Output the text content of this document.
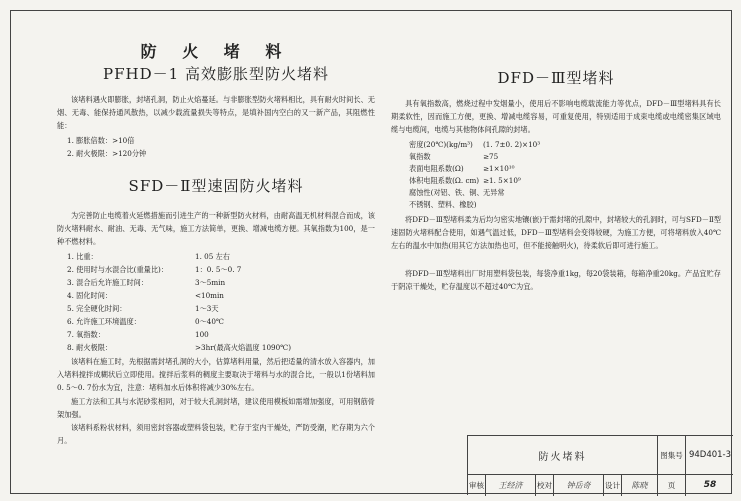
防 火 堵 料
PFHD－1 高效膨胀型防火堵料
该堵料遇火即膨胀，封堵孔洞，防止火焰蔓延。与非膨胀型防火堵料相比，具有耐火时间长、无烟、无毒、能保持通风散热，以减少载流量损失等特点，是填补国内空白的又一新产品，其阻燃性能：
1. 膨胀倍数：>10倍
2. 耐火极限：>120分钟
SFD－Ⅱ型速固防火堵料
为完善防止电缆着火延燃措施而引进生产的一种新型防火材料，由耐高温无机材料混合而成，该防火堵料耐水、耐油、无毒、无气味，施工方法简单，更换、增减电缆方便。其氧指数为100，是一种不燃材料。
1. 比重：	1. 05 左右
2. 使用时与水混合比(重量比)：	1：0. 5～0. 7
3. 混合后允许施工时间：	3～5min
4. 固化时间：	<10min
5. 完全硬化时间：	1～3天
6. 允许施工环境温度：	0～40℃
7. 氧指数：	100
8. 耐火极限：	>3hr(最高火焰温度 1090℃)
该堵料在施工时，先根据需封堵孔洞的大小，估算堵料用量，然后把适量的清水放入容器内，加入堵料搅拌成糊状后立即使用。搅拌后浆料的稠度主要取决于堵料与水的混合比，一般以1份堵料加0. 5～0. 7份水为宜，注意：堵料加水后体积将减少30%左右。
施工方法和工具与水泥砂浆相同，对于较大孔洞封堵，建议使用模板如需增加强度，可用钢筋骨架加强。
该堵料系粉状材料，须用密封容器或塑料袋包装，贮存于室内干燥处，严防受潮，贮存期为六个月。
DFD－Ⅲ型堵料
具有氧指数高，燃烧过程中发烟量小，使用后不影响电缆载流能力等优点，DFD－Ⅲ型堵料具有长期柔软性，因而施工方便，更换、增减电缆容易，可重复使用，特别适用于成束电缆或电缆密集区域电缆与电缆间，电缆与其他物体间孔隙的封堵。
密度(20℃)(kg/m³) (1. 7±0. 2)×10³
氧指数	≥75
表面电阻系数(Ω)	≥1×10¹⁰
体积电阻系数(Ω. cm) ≥1. 5×10⁹
腐蚀性(对铝、铁、铜、无异常
不锈钢、塑料、橡胶)
将DFD－Ⅲ型堵料柔为后均匀密实地镶(嵌)于需封堵的孔隙中，封堵较大的孔洞时，可与SFD－Ⅱ型速固防火堵料配合使用，如遇气温过低，DFD－Ⅲ型堵料会变得较硬，为施工方便，可将堵料放入40℃左右的温水中加热(用其它方法加热也可，但不能接触明火)，待柔软后即可进行施工。
将DFD－Ⅲ型堵料出厂时用塑料袋包装，每袋净重1kg，每20袋装箱，每箱净重20kg。产品宜贮存于阴凉干燥处，贮存温度以不超过40℃为宜。
防火堵料	图集号 94D401-3
审核	王经济	校对	钟岳奇	设计	陈晓	页	58
